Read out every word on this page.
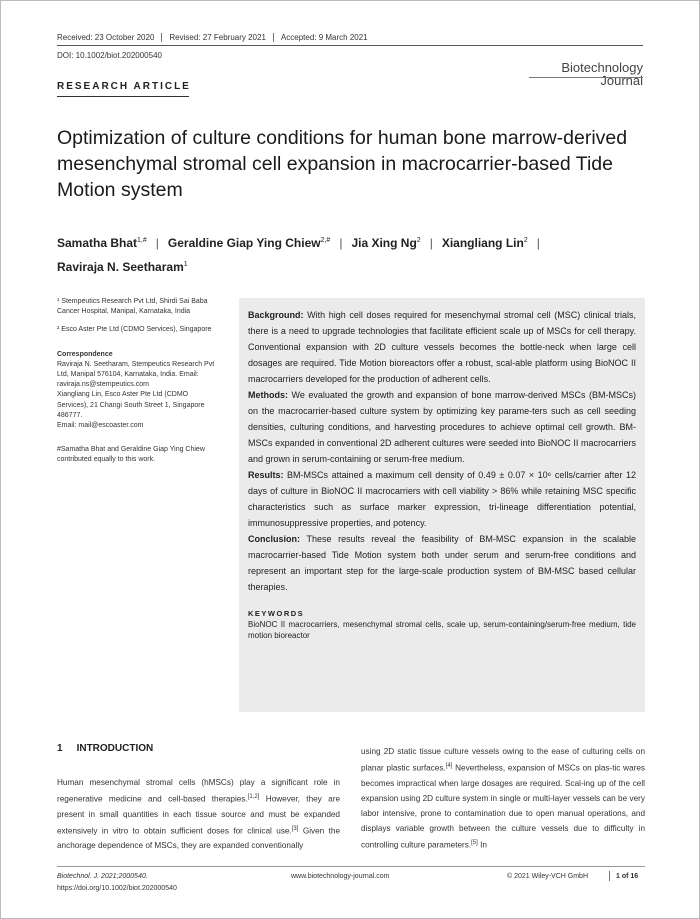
Received: 23 October 2020	Revised: 27 February 2021	Accepted: 9 March 2021
DOI: 10.1002/biot.202000540
Biotechnology
Journal
RESEARCH ARTICLE
Optimization of culture conditions for human bone marrow-derived mesenchymal stromal cell expansion in macrocarrier-based Tide Motion system
Samatha Bhat$^{1,\#}$ | Geraldine Giap Ying Chiew$^{2,\#}$ | Jia Xing Ng$^2$ | Xiangliang Lin$^2$ |
Raviraja N. Seetharam$^1$

¹ Stempeutics Research Pvt Ltd, Shirdi Sai Baba Cancer Hospital, Manipal, Karnataka, India

² Esco Aster Pte Ltd (CDMO Services), Singapore

Correspondence

Raviraja N. Seetharam, Stempeutics Research Pvt Ltd, Manipal 576104, Karnataka, India. Email: raviraja.ns@stempeutics.com

Xiangliang Lin, Esco Aster Pte Ltd (CDMO Services), 21 Changi South Street 1, Singapore 486777.

Email: mail@escoaster.com

#Samatha Bhat and Geraldine Giap Ying Chiew contributed equally to this work.

Background: With high cell doses required for mesenchymal stromal cell (MSC) clinical trials, there is a need to upgrade technologies that facilitate efficient scale up of MSCs for cell therapy. Conventional expansion with 2D culture vessels becomes the bottle-neck when large cell dosages are required. Tide Motion bioreactors offer a robust, scal-able platform using BioNOC II macrocarriers developed for the production of adherent cells.

Methods: We evaluated the growth and expansion of bone marrow-derived MSCs (BM-MSCs) on the macrocarrier-based culture system by optimizing key parame-ters such as cell seeding densities, culturing conditions, and harvesting procedures to achieve optimal cell growth. BM-MSCs expanded in conventional 2D adherent cultures were seeded into BioNOC II macrocarriers and grown in serum-containing or serum-free medium.

Results: BM-MSCs attained a maximum cell density of 0.49 ± 0.07 × 10⁶ cells/carrier after 12 days of culture in BioNOC II macrocarriers with cell viability > 86% while retaining MSC specific characteristics such as surface marker expression, tri-lineage differentiation potential, immunosuppressive properties, and potency.

Conclusion: These results reveal the feasibility of BM-MSC expansion in the scalable macrocarrier-based Tide Motion system both under serum and serum-free conditions and represent an important step for the large-scale production system of BM-MSC based cellular therapies.

KEYWORDS

BioNOC II macrocarriers, mesenchymal stromal cells, scale up, serum-containing/serum-free medium, tide motion bioreactor

1 INTRODUCTION
Human mesenchymal stromal cells (hMSCs) play a significant role in regenerative medicine and cell-based therapies.[1,2] However, they are present in small quantities in each tissue source and must be expanded extensively in vitro to obtain sufficient doses for clinical use.[3] Given the anchorage dependence of MSCs, they are expanded conventionally
using 2D static tissue culture vessels owing to the ease of culturing cells on planar plastic surfaces.[4] Nevertheless, expansion of MSCs on plas-tic wares becomes impractical when large dosages are required. Scal-ing up of the cell expansion using 2D culture system in single or multi-layer vessels can be very labor intensive, prone to contamination due to open manual operations, and displays variable growth between the culture vessels due to difficulty in controlling culture parameters.[5] In
Biotechnol. J. 2021;2000540.
https://doi.org/10.1002/biot.202000540
www.biotechnology-journal.com	© 2021 Wiley-VCH GmbH	1 of 16
